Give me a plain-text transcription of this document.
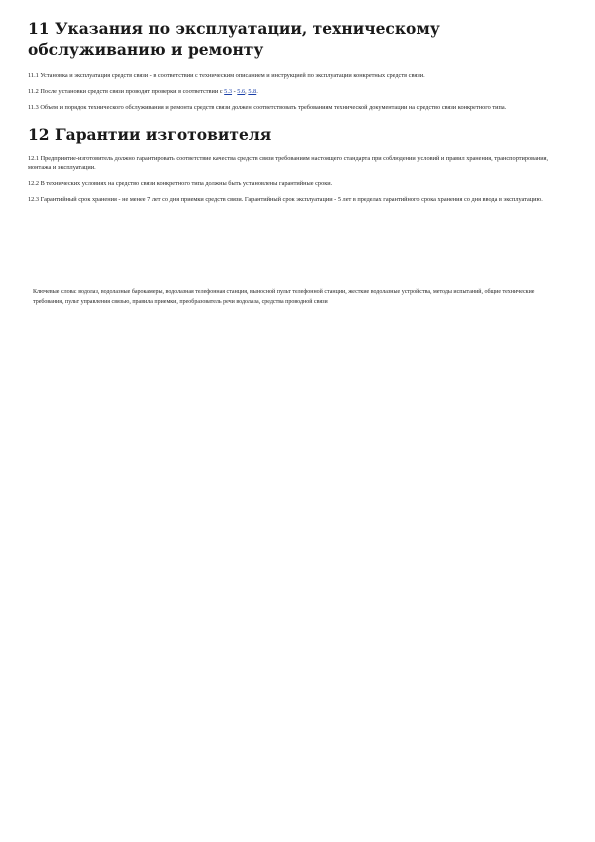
11 Указания по эксплуатации, техническому обслуживанию и ремонту

11.1 Установка и эксплуатация средств связи - в соответствии с техническим описанием и инструкцией по эксплуатации конкретных средств связи.

11.2 После установки средств связи проводят проверки в соответствии с 5.3 - 5.6, 5.8.

11.3 Объем и порядок технического обслуживания и ремонта средств связи должен соответствовать требованиям технической документации на средство связи конкретного типа.

12 Гарантии изготовителя

12.1 Предприятие-изготовитель должно гарантировать соответствие качества средств связи требованиям настоящего стандарта при соблюдении условий и правил хранения, транспортирования, монтажа и эксплуатации.

12.2 В технических условиях на средство связи конкретного типа должны быть установлены гарантийные сроки.

12.3 Гарантийный срок хранения - не менее 7 лет со дня приемки средств связи. Гарантийный срок эксплуатации - 5 лет в пределах гарантийного срока хранения со дня ввода в эксплуатацию.

Ключевые слова: водолаз, водолазные барокамеры, водолазная телефонная станция, выносной пульт телефонной станции, жесткие водолазные устройства, методы испытаний, общие технические требования, пульт управления связью, правила приемки, преобразователь речи водолаза, средства проводной связи
